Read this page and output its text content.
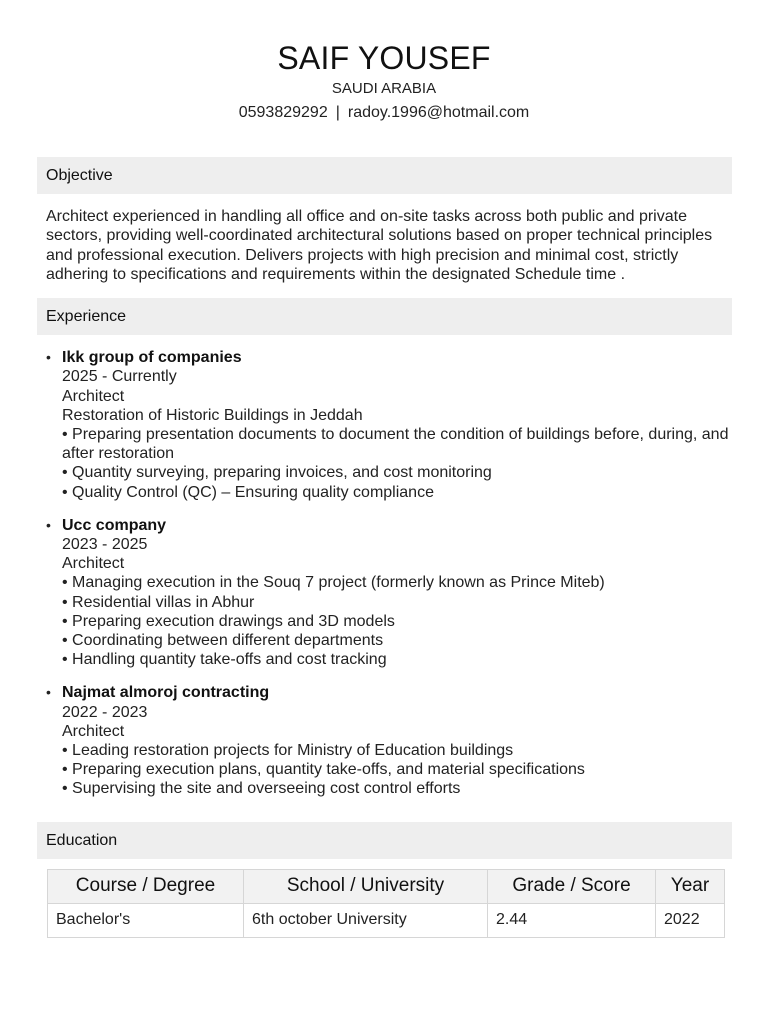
SAIF YOUSEF
SAUDI ARABIA
0593829292 | radoy.1996@hotmail.com
Objective
Architect experienced in handling all office and on-site tasks across both public and private sectors, providing well-coordinated architectural solutions based on proper technical principles and professional execution. Delivers projects with high precision and minimal cost, strictly adhering to specifications and requirements within the designated Schedule time .
Experience
• Ikk group of companies
2025 - Currently
Architect
Restoration of Historic Buildings in Jeddah
• Preparing presentation documents to document the condition of buildings before, during, and after restoration
• Quantity surveying, preparing invoices, and cost monitoring
• Quality Control (QC) – Ensuring quality compliance
• Ucc company
2023 - 2025
Architect
• Managing execution in the Souq 7 project (formerly known as Prince Miteb)
• Residential villas in Abhur
• Preparing execution drawings and 3D models
• Coordinating between different departments
• Handling quantity take-offs and cost tracking
• Najmat almoroj contracting
2022 - 2023
Architect
• Leading restoration projects for Ministry of Education buildings
• Preparing execution plans, quantity take-offs, and material specifications
• Supervising the site and overseeing cost control efforts
Education
Course / Degree	School / University	Grade / Score	Year
Bachelor's	6th october University	2.44	2022
